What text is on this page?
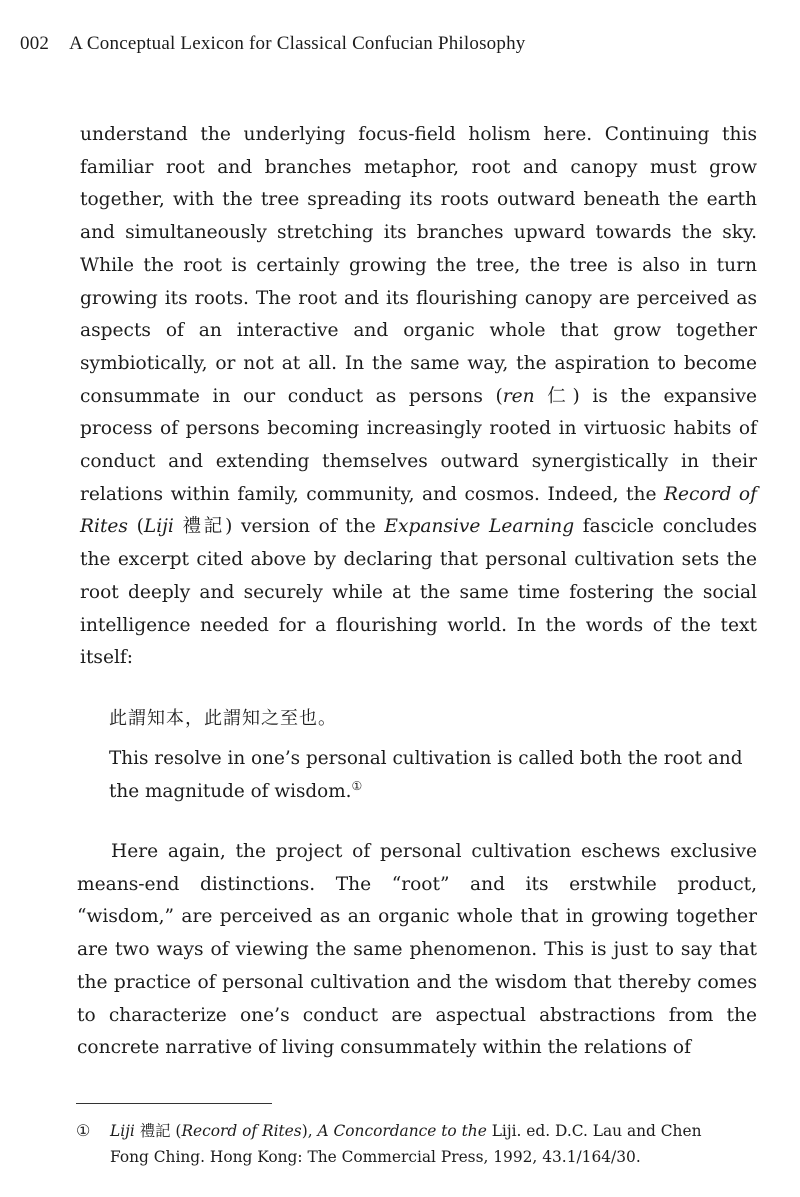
002 A Conceptual Lexicon for Classical Confucian Philosophy

understand the underlying focus-field holism here. Continuing this familiar root and branches metaphor, root and canopy must grow together, with the tree spreading its roots outward beneath the earth and simultaneously stretching its branches upward towards the sky. While the root is certainly growing the tree, the tree is also in turn growing its roots. The root and its flourishing canopy are perceived as aspects of an interactive and organic whole that grow together symbiotically, or not at all. In the same way, the aspiration to become consummate in our conduct as persons (ren 仁) is the expansive process of persons becoming increasingly rooted in virtuosic habits of conduct and extending themselves outward synergistically in their relations within family, community, and cosmos. Indeed, the Record of Rites (Liji 禮記) version of the Expansive Learning fascicle concludes the excerpt cited above by declaring that personal cultivation sets the root deeply and securely while at the same time fostering the social intelligence needed for a flourishing world. In the words of the text itself:

此謂知本，此謂知之至也。
This resolve in one’s personal cultivation is called both the root and the magnitude of wisdom.①

Here again, the project of personal cultivation eschews exclusive means-end distinctions. The “root” and its erstwhile product, “wisdom,” are perceived as an organic whole that in growing together are two ways of viewing the same phenomenon. This is just to say that the practice of personal cultivation and the wisdom that thereby comes to characterize one’s conduct are aspectual abstractions from the concrete narrative of living consummately within the relations of

① Liji 禮記 (Record of Rites), A Concordance to the Liji. ed. D.C. Lau and Chen
Fong Ching. Hong Kong: The Commercial Press, 1992, 43.1/164/30.
